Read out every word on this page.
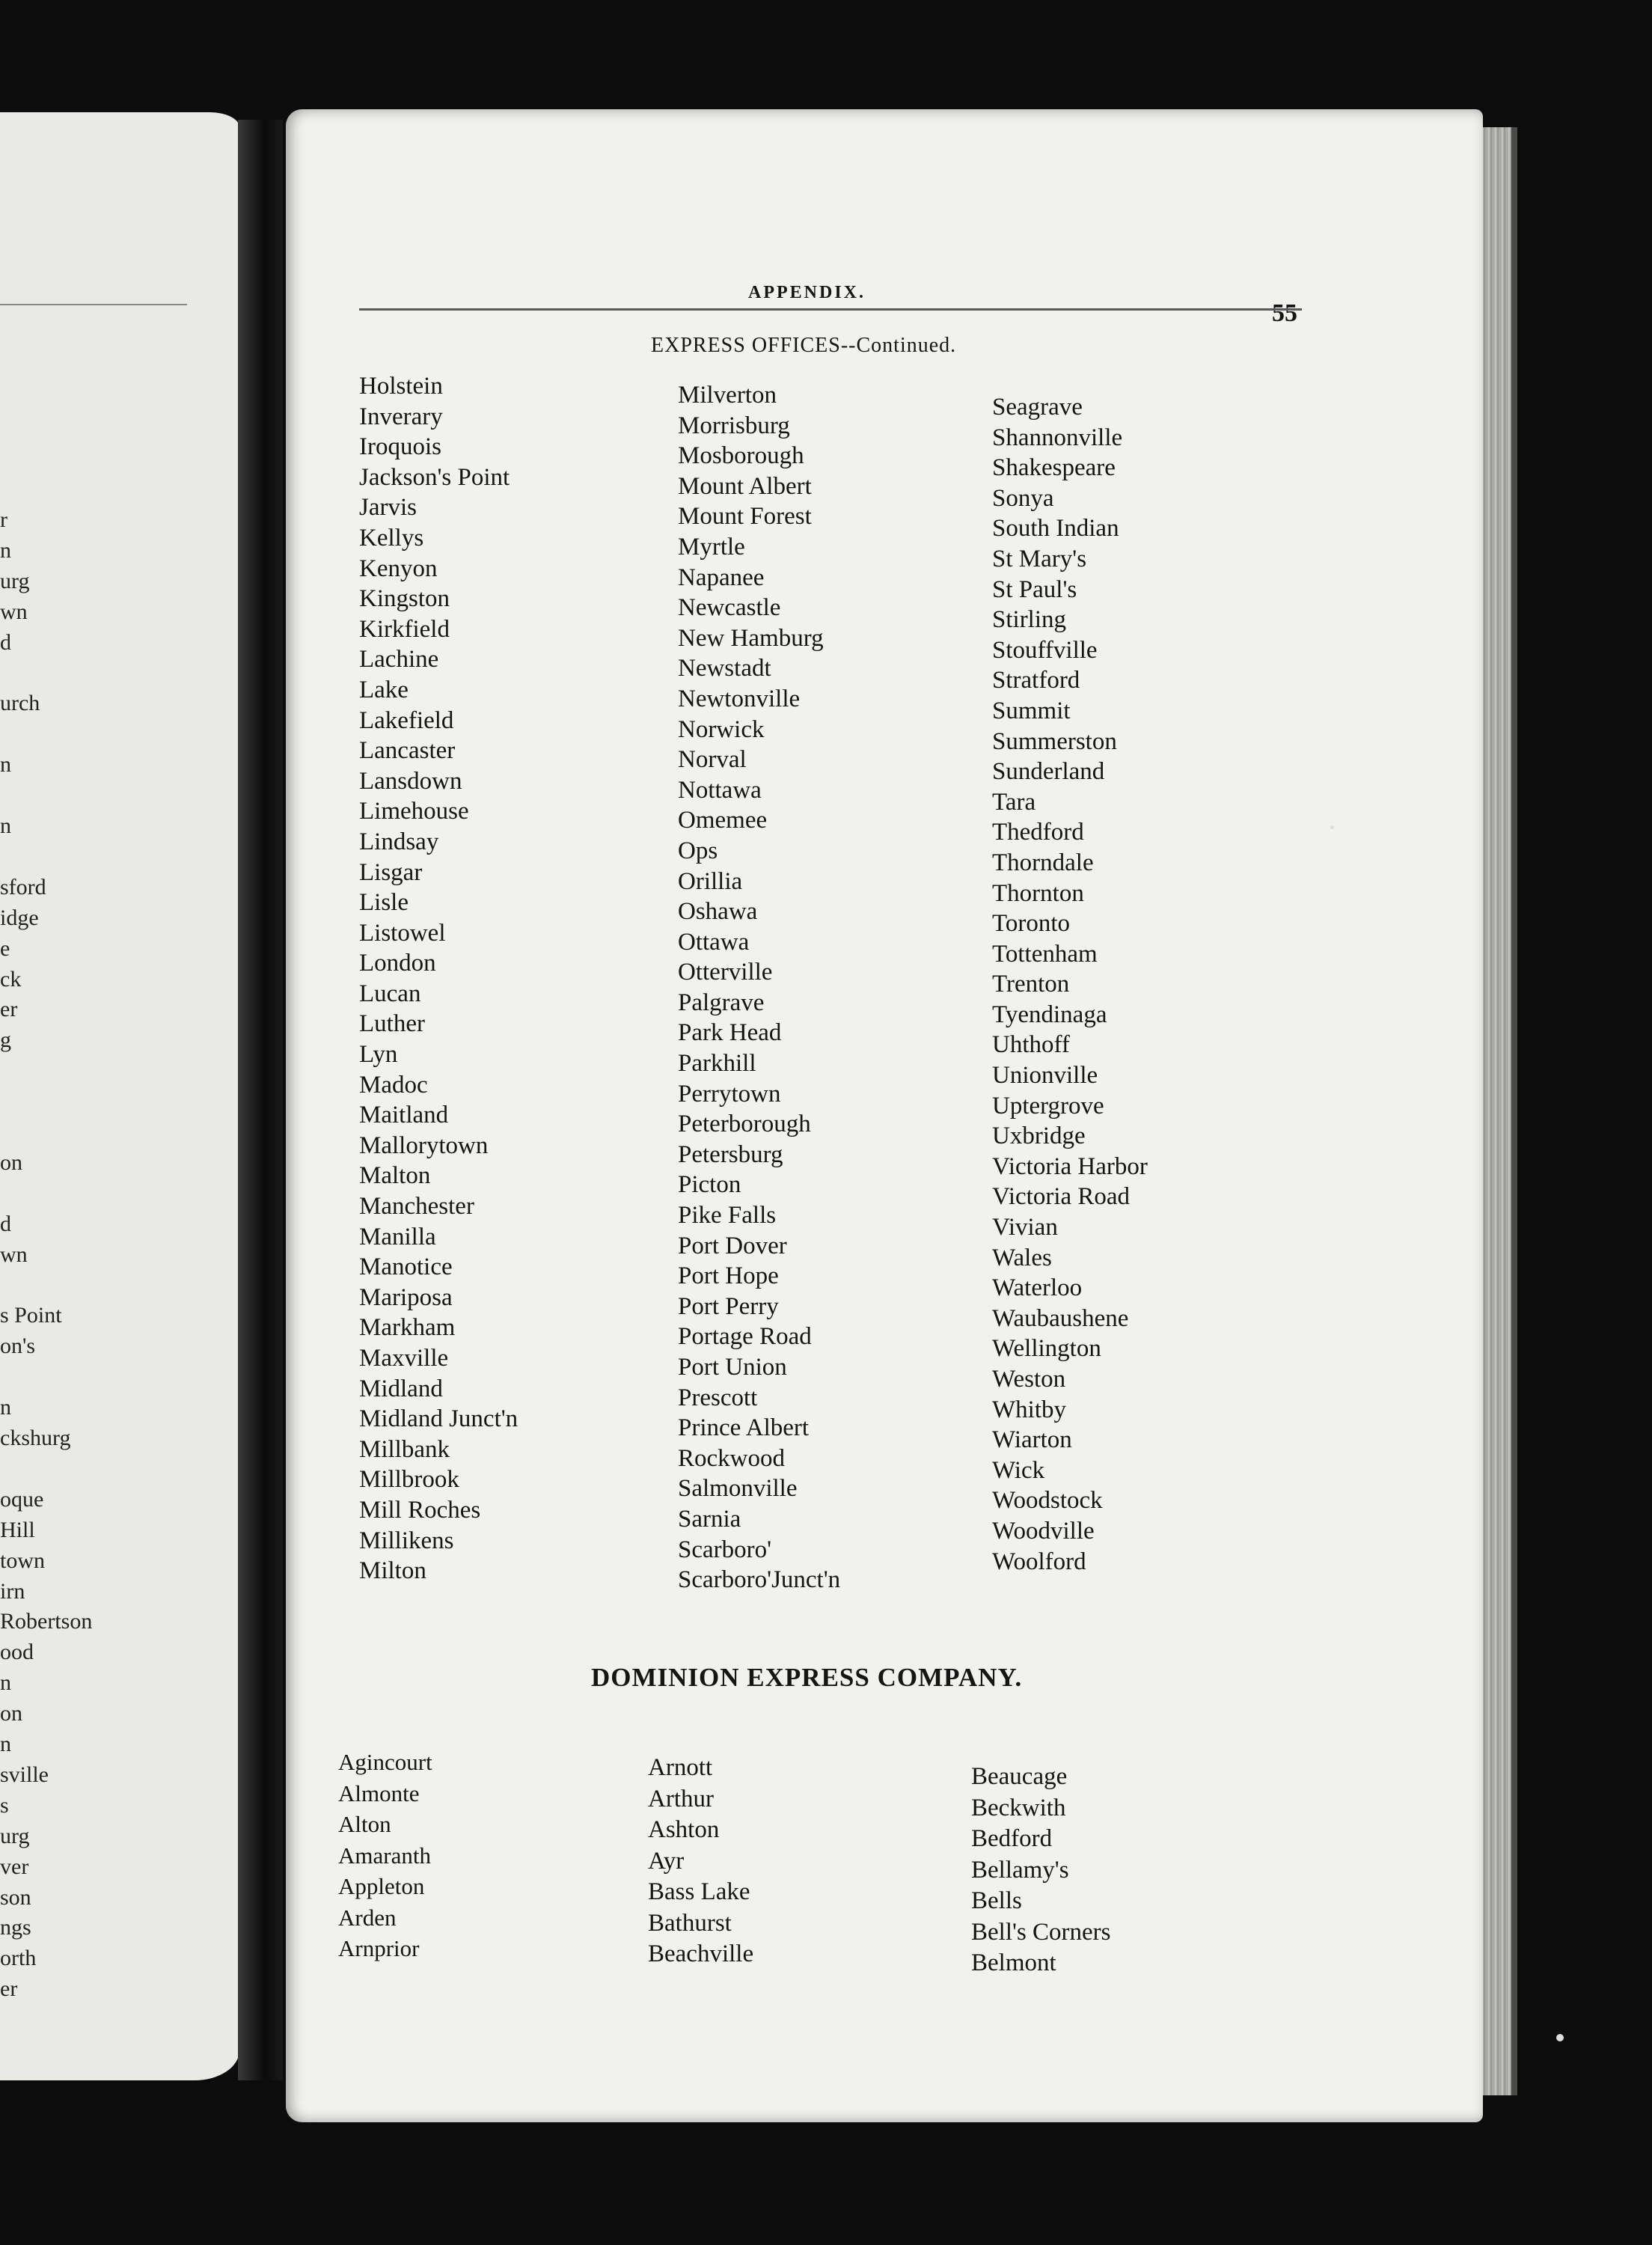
r
n
urg
wn
d
urch
n
n
sford
idge
e
ck
er
g
on
d
wn
s Point
on's
n
ckshurg
oque
Hill
town
irn
Robertson
ood
n
on
n
sville
s
urg
ver
son
ngs
orth
er
APPENDIX.
55
EXPRESS OFFICES--Continued.
Holstein
Inverary
Iroquois
Jackson's Point
Jarvis
Kellys
Kenyon
Kingston
Kirkfield
Lachine
Lake
Lakefield
Lancaster
Lansdown
Limehouse
Lindsay
Lisgar
Lisle
Listowel
London
Lucan
Luther
Lyn
Madoc
Maitland
Mallorytown
Malton
Manchester
Manilla
Manotice
Mariposa
Markham
Maxville
Midland
Midland Junct'n
Millbank
Millbrook
Mill Roches
Millikens
Milton
Milverton
Morrisburg
Mosborough
Mount Albert
Mount Forest
Myrtle
Napanee
Newcastle
New Hamburg
Newstadt
Newtonville
Norwick
Norval
Nottawa
Omemee
Ops
Orillia
Oshawa
Ottawa
Otterville
Palgrave
Park Head
Parkhill
Perrytown
Peterborough
Petersburg
Picton
Pike Falls
Port Dover
Port Hope
Port Perry
Portage Road
Port Union
Prescott
Prince Albert
Rockwood
Salmonville
Sarnia
Scarboro'
Scarboro'Junct'n
Seagrave
Shannonville
Shakespeare
Sonya
South Indian
St Mary's
St Paul's
Stirling
Stouffville
Stratford
Summit
Summerston
Sunderland
Tara
Thedford
Thorndale
Thornton
Toronto
Tottenham
Trenton
Tyendinaga
Uhthoff
Unionville
Uptergrove
Uxbridge
Victoria Harbor
Victoria Road
Vivian
Wales
Waterloo
Waubaushene
Wellington
Weston
Whitby
Wiarton
Wick
Woodstock
Woodville
Woolford
DOMINION EXPRESS COMPANY.
Agincourt
Almonte
Alton
Amaranth
Appleton
Arden
Arnprior
Arnott
Arthur
Ashton
Ayr
Bass Lake
Bathurst
Beachville
Beaucage
Beckwith
Bedford
Bellamy's
Bells
Bell's Corners
Belmont
